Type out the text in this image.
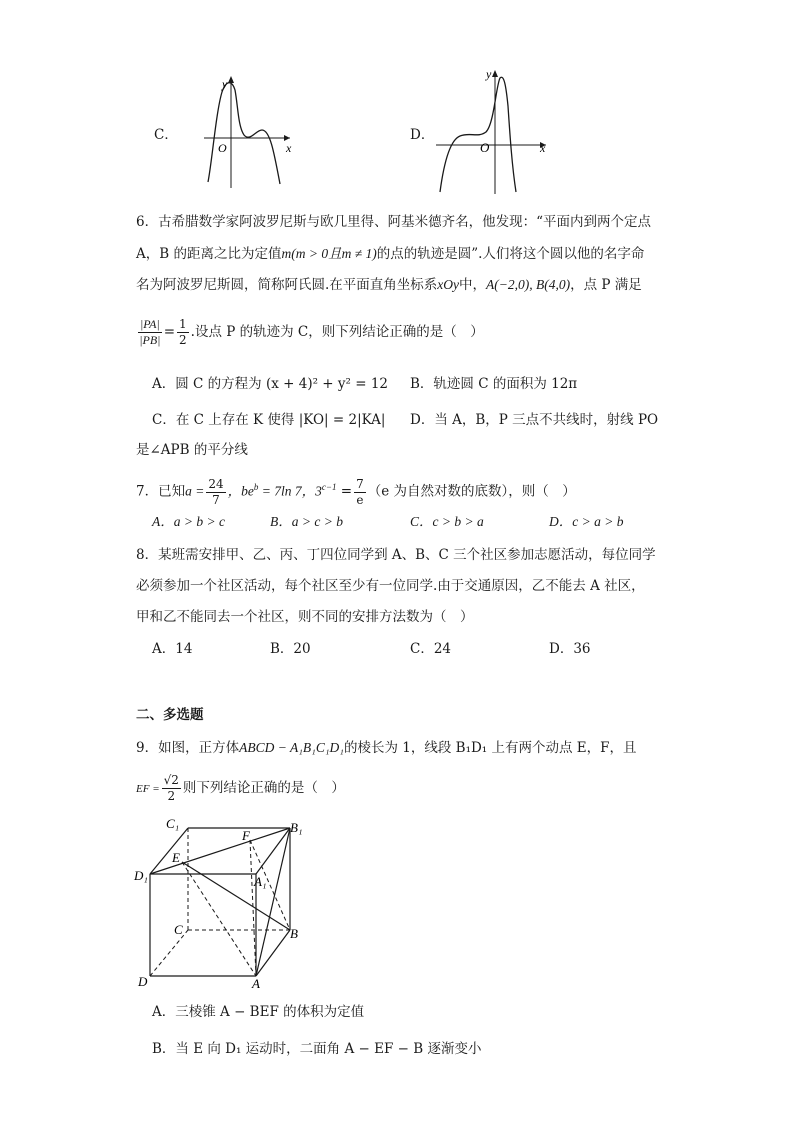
C．
y
x
O
D．
y
x
O
6．古希腊数学家阿波罗尼斯与欧几里得、阿基米德齐名，他发现：“平面内到两个定点
A，B 的距离之比为定值m(m > 0且m ≠ 1)的点的轨迹是圆”.人们将这个圆以他的名字命
名为阿波罗尼斯圆，简称阿氏圆.在平面直角坐标系xOy中，A(−2,0), B(4,0)，点 P 满足
$\frac{|PA|}{|PB|} = \frac{1}{2}$ .设点 P 的轨迹为 C，则下列结论正确的是（　）
A．圆 C 的方程为 (x + 4)² + y² = 12 B．轨迹圆 C 的面积为 12π
C．在 C 上存在 K 使得 |KO| = 2|KA| D．当 A，B，P 三点不共线时，射线 PO
是∠APB 的平分线
7．已知$a = \frac{24}{7}$ ，$be^b = 7\ln$ 7，$3^{c-1} = \frac{7}{e} (e$ 为自然对数的底数），则（　）
A．a > b > c	B．a > c > b	C．c > b > a	D．c > a > b
8．某班需安排甲、乙、丙、丁四位同学到 A、B、C 三个社区参加志愿活动，每位同学
必须参加一个社区活动，每个社区至少有一位同学.由于交通原因，乙不能去 A 社区，
甲和乙不能同去一个社区，则不同的安排方法数为（　）
A．14	B．20	C．24	D．36
二、多选题
9．如图，正方体ABCD − A₁B₁C₁D₁的棱长为 1，线段 B₁D₁ 上有两个动点 E，F，且
EF = $\frac{√2}{2}$ 则下列结论正确的是（　）
C₁	B₁
F
E
D₁	A₁
C	B
D	A
A．三棱锥 A − BEF 的体积为定值
B．当 E 向 D₁ 运动时，二面角 A − EF − B 逐渐变小
